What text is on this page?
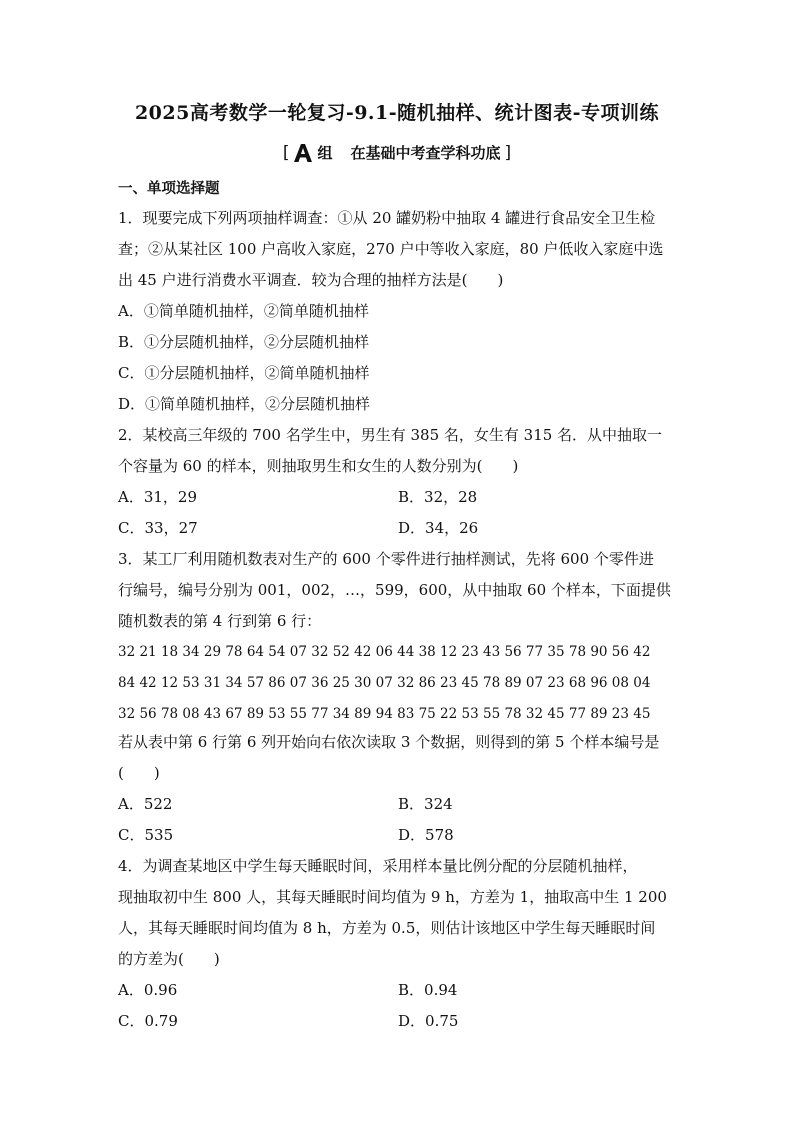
2025高考数学一轮复习-9.1-随机抽样、统计图表-专项训练
[ 组 在基础中考查学科功底 ]
一、单项选择题
1．现要完成下列两项抽样调查：①从 20 罐奶粉中抽取 4 罐进行食品安全卫生检
查；②从某社区 100 户高收入家庭，270 户中等收入家庭，80 户低收入家庭中选
出 45 户进行消费水平调查．较为合理的抽样方法是(　　)
A．①简单随机抽样，②简单随机抽样
B．①分层随机抽样，②分层随机抽样
C．①分层随机抽样，②简单随机抽样
D．①简单随机抽样，②分层随机抽样
2．某校高三年级的 700 名学生中，男生有 385 名，女生有 315 名．从中抽取一
个容量为 60 的样本，则抽取男生和女生的人数分别为(　　)
A．31，29	B．32，28
C．33，27	D．34，26
3．某工厂利用随机数表对生产的 600 个零件进行抽样测试，先将 600 个零件进
行编号，编号分别为 001，002，…，599，600，从中抽取 60 个样本，下面提供
随机数表的第 4 行到第 6 行：
32 21 18 34 29 78 64 54 07 32 52 42 06 44 38 12 23 43 56 77 35 78 90 56 42
84 42 12 53 31 34 57 86 07 36 25 30 07 32 86 23 45 78 89 07 23 68 96 08 04
32 56 78 08 43 67 89 53 55 77 34 89 94 83 75 22 53 55 78 32 45 77 89 23 45
若从表中第 6 行第 6 列开始向右依次读取 3 个数据，则得到的第 5 个样本编号是
(　　)
A．522	B．324
C．535	D．578
4．为调查某地区中学生每天睡眠时间，采用样本量比例分配的分层随机抽样，
现抽取初中生 800 人，其每天睡眠时间均值为 9 h，方差为 1，抽取高中生 1 200
人，其每天睡眠时间均值为 8 h，方差为 0.5，则估计该地区中学生每天睡眠时间
的方差为(　　)
A．0.96	B．0.94
C．0.79	D．0.75
